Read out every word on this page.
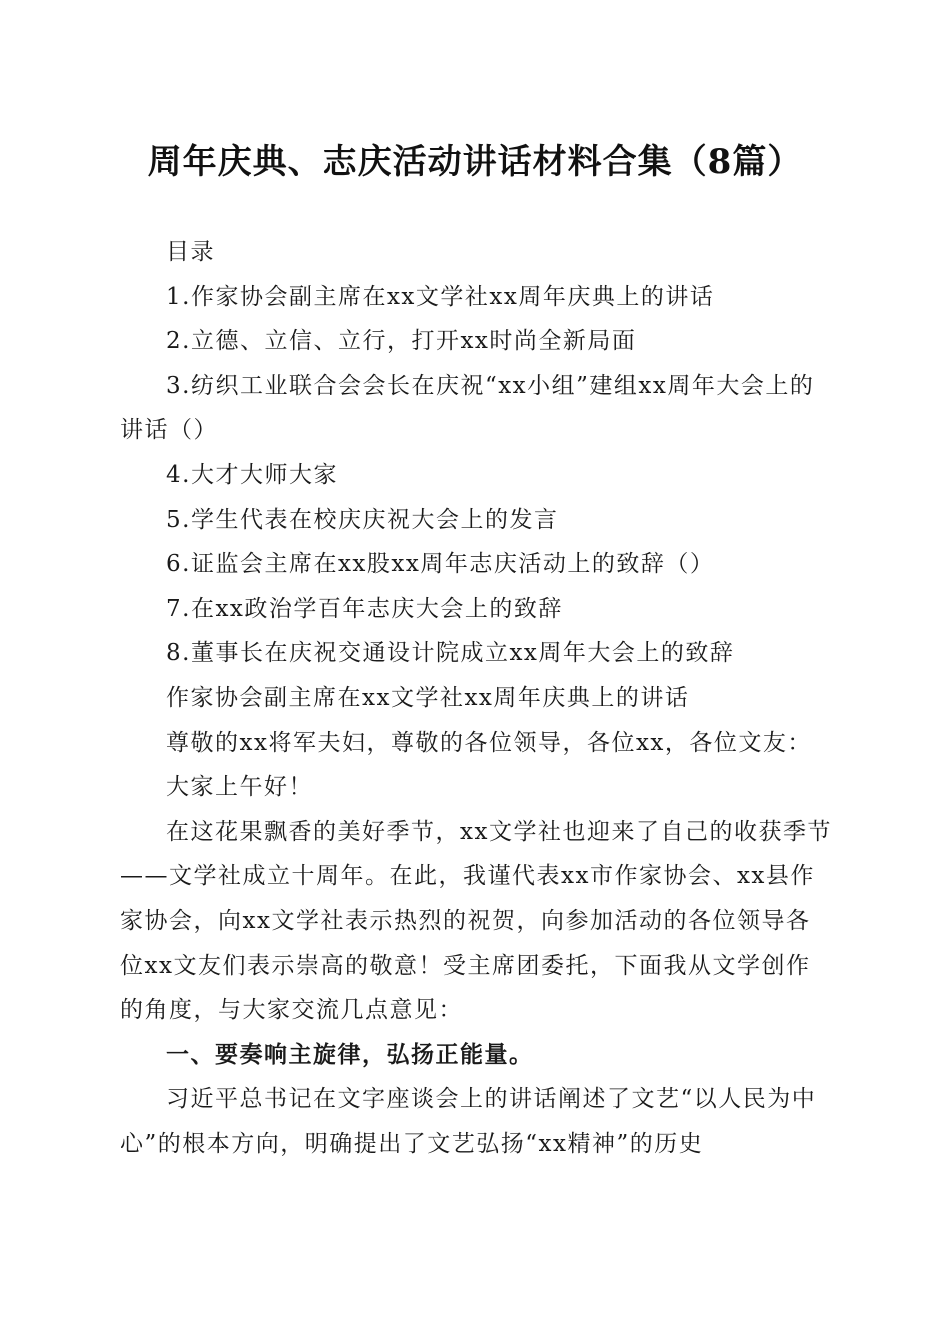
周年庆典、志庆活动讲话材料合集（8篇）

目录

1.作家协会副主席在xx文学社xx周年庆典上的讲话

2.立德、立信、立行，打开xx时尚全新局面

3.纺织工业联合会会长在庆祝“xx小组”建组xx周年大会上的讲话（）

4.大才大师大家

5.学生代表在校庆庆祝大会上的发言

6.证监会主席在xx股xx周年志庆活动上的致辞（）

7.在xx政治学百年志庆大会上的致辞

8.董事长在庆祝交通设计院成立xx周年大会上的致辞

作家协会副主席在xx文学社xx周年庆典上的讲话

尊敬的xx将军夫妇，尊敬的各位领导，各位xx，各位文友：

大家上午好！

在这花果飘香的美好季节，xx文学社也迎来了自己的收获季节——文学社成立十周年。在此，我谨代表xx市作家协会、xx县作家协会，向xx文学社表示热烈的祝贺，向参加活动的各位领导各位xx文友们表示崇高的敬意！受主席团委托，下面我从文学创作的角度，与大家交流几点意见：

一、要奏响主旋律，弘扬正能量。

习近平总书记在文字座谈会上的讲话阐述了文艺“以人民为中心”的根本方向，明确提出了文艺弘扬“xx精神”的历史
